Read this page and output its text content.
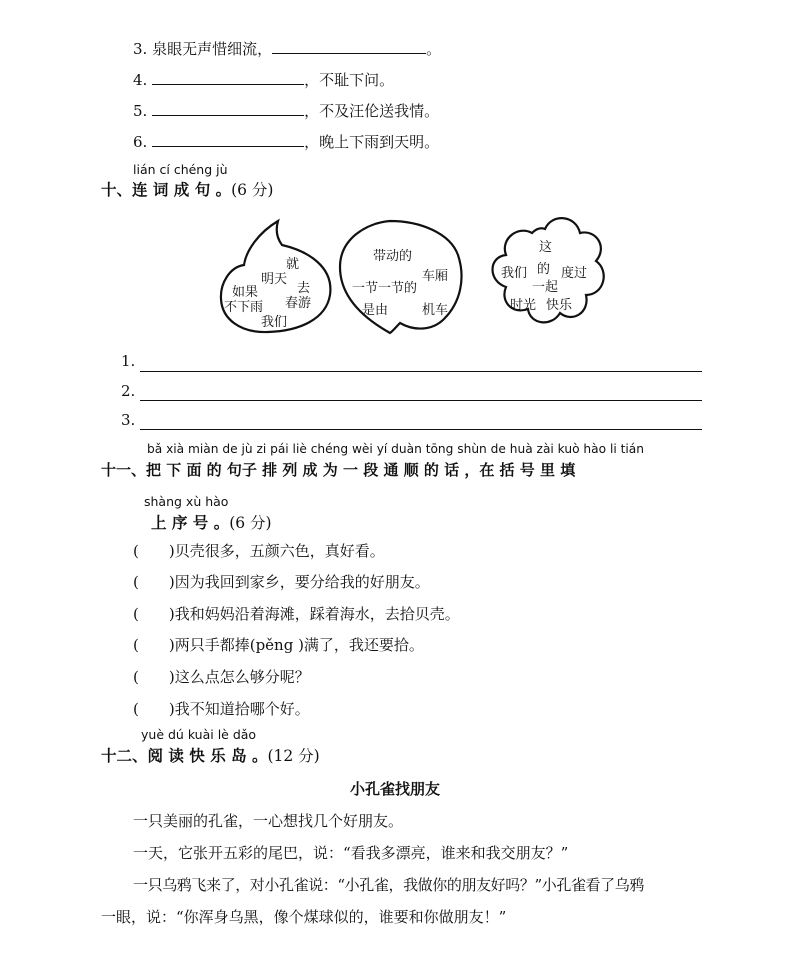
3. 泉眼无声惜细流，	。
4.	，不耻下问。
5.	，不及汪伦送我情。
6.	，晚上下雨到天明。
lián cí chéng jù
十、连 词 成 句 。(6 分)
就
明天
去
如果
春游
不下雨
我们
带动的
车厢
一节一节的
是由	机车
这
我们 的 度过
一起
时光 快乐
1.
2.
3.
bǎ xià miàn de jù zi pái liè chéng wèi yí duàn tōng shùn de huà zài kuò hào li tián
十一、把 下 面 的 句子 排 列 成 为 一 段 通 顺 的 话 ，在 括 号 里 填
shàng xù hào
上 序 号 。(6 分)
(　　)贝壳很多，五颜六色，真好看。
(　　)因为我回到家乡，要分给我的好朋友。
(　　)我和妈妈沿着海滩，踩着海水，去拾贝壳。
(　　)两只手都捧(pěng )满了，我还要拾。
(　　)这么点怎么够分呢？
(　　)我不知道拾哪个好。
yuè dú kuài lè dǎo
十二、阅 读 快 乐 岛 。(12 分)
小孔雀找朋友
一只美丽的孔雀，一心想找几个好朋友。
一天，它张开五彩的尾巴，说：“看我多漂亮，谁来和我交朋友？”
一只乌鸦飞来了，对小孔雀说：“小孔雀，我做你的朋友好吗？”小孔雀看了乌鸦
一眼，说：“你浑身乌黑，像个煤球似的，谁要和你做朋友！”
